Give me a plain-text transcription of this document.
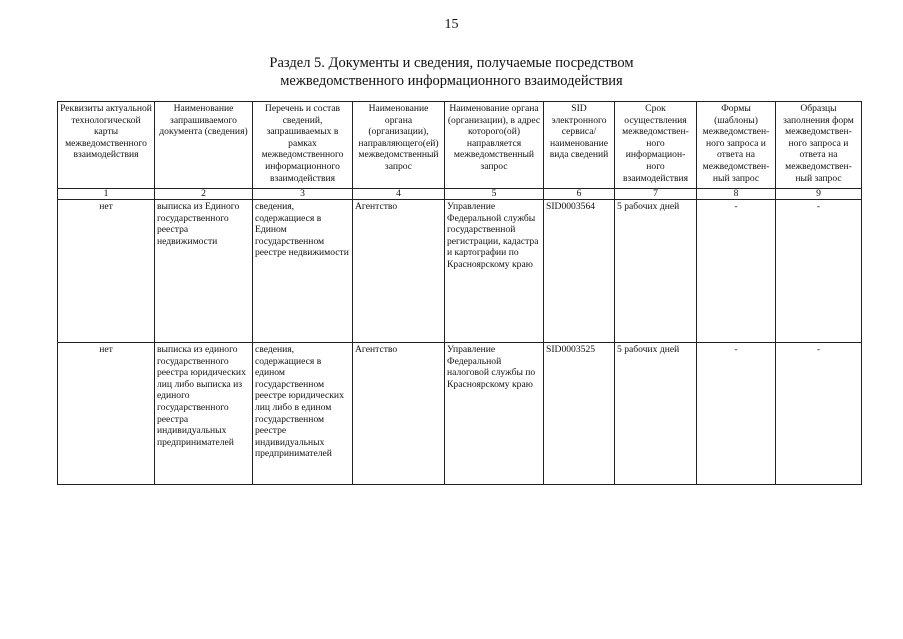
15
Раздел 5. Документы и сведения, получаемые посредством
межведомственного информационного взаимодействия
Реквизиты актуальной технологической карты межведомственного взаимодействия	Наименование запрашиваемого документа (сведения)	Перечень и состав сведений, запрашиваемых в рамках межведомственного информационного взаимодействия	Наименование органа (организации), направляющего(ей) межведомственный запрос	Наименование органа (организации), в адрес которого(ой) направляется межведомственный запрос	SID электронного сервиса/ наименование вида сведений	Срок осуществления межведомствен-ного информацион-ного взаимодействия	Формы (шаблоны) межведомствен-ного запроса и ответа на межведомствен-ный запрос	Образцы заполнения форм межведомствен-ного запроса и ответа на межведомствен-ный запрос
1	2	3	4	5	6	7	8	9
нет	выписка из Единого государственного реестра недвижимости	сведения, содержащиеся в Едином государственном реестре недвижимости	Агентство	Управление Федеральной службы государственной регистрации, кадастра и картографии по Красноярскому краю	SID0003564	5 рабочих дней	-	-
нет	выписка из единого государственного реестра юридических лиц либо выписка из единого государственного реестра индивидуальных предпринимателей	сведения, содержащиеся в едином государственном реестре юридических лиц либо в едином государственном реестре индивидуальных предпринимателей	Агентство	Управление Федеральной налоговой службы по Красноярскому краю	SID0003525	5 рабочих дней	-	-
